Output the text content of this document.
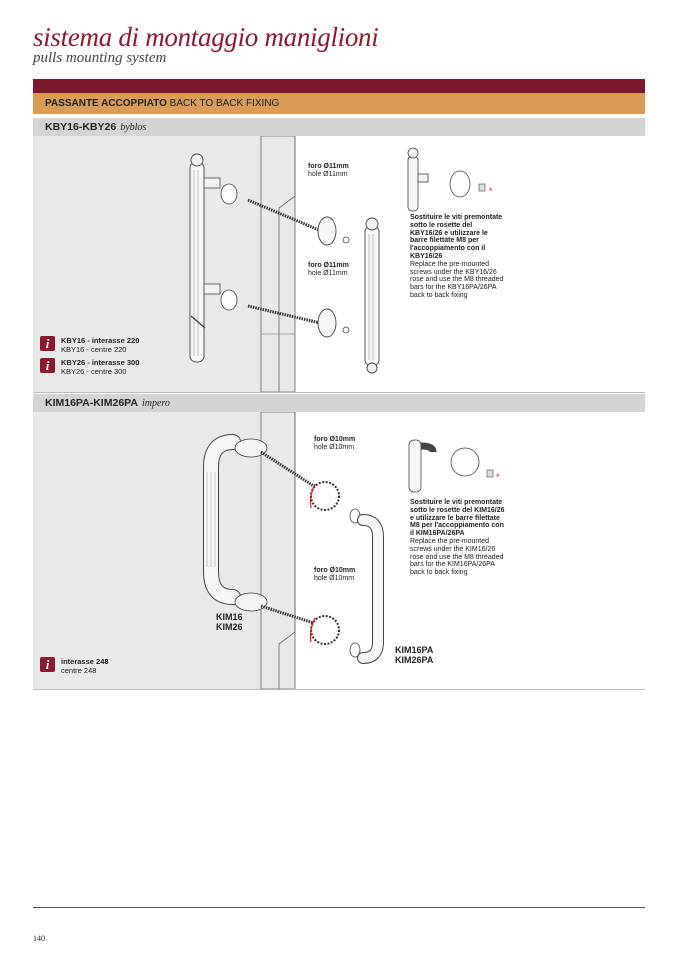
sistema di montaggio maniglioni
pulls mounting system
PASSANTE ACCOPPIATO BACK TO BACK FIXING
KBY16-KBY26 byblos
*
foro Ø11mm
hole Ø11mm
foro Ø11mm
hole Ø11mm
Sostituire le viti premontate sotto le rosette del KBY16/26 e utilizzare le barre filettate M8 per l'accoppiamento con il KBY16/26
Replace the pre-mounted screws under the KBY16/26 rose and use the M8 threaded bars for the KBY16PA/26PA back to back fixing
i	KBY16 - interasse 220
KBY16 - centre 220
i	KBY26 - interasse 300
KBY26 - centre 300
KIM16PA-KIM26PA impero
*
foro Ø10mm
hole Ø10mm
foro Ø10mm
hole Ø10mm
Sostituire le viti premontate sotto le rosette del KIM16/26 e utilizzare le barre filettate M8 per l'accoppiamento con il KIM16PA/26PA
Replace the pre-mounted screws under the KIM16/26 rose and use the M8 threaded bars for the KIM16PA/26PA back to back fixing
KIM16
KIM26
KIM16PA
KIM26PA
i	interasse 248
centre 248
140
